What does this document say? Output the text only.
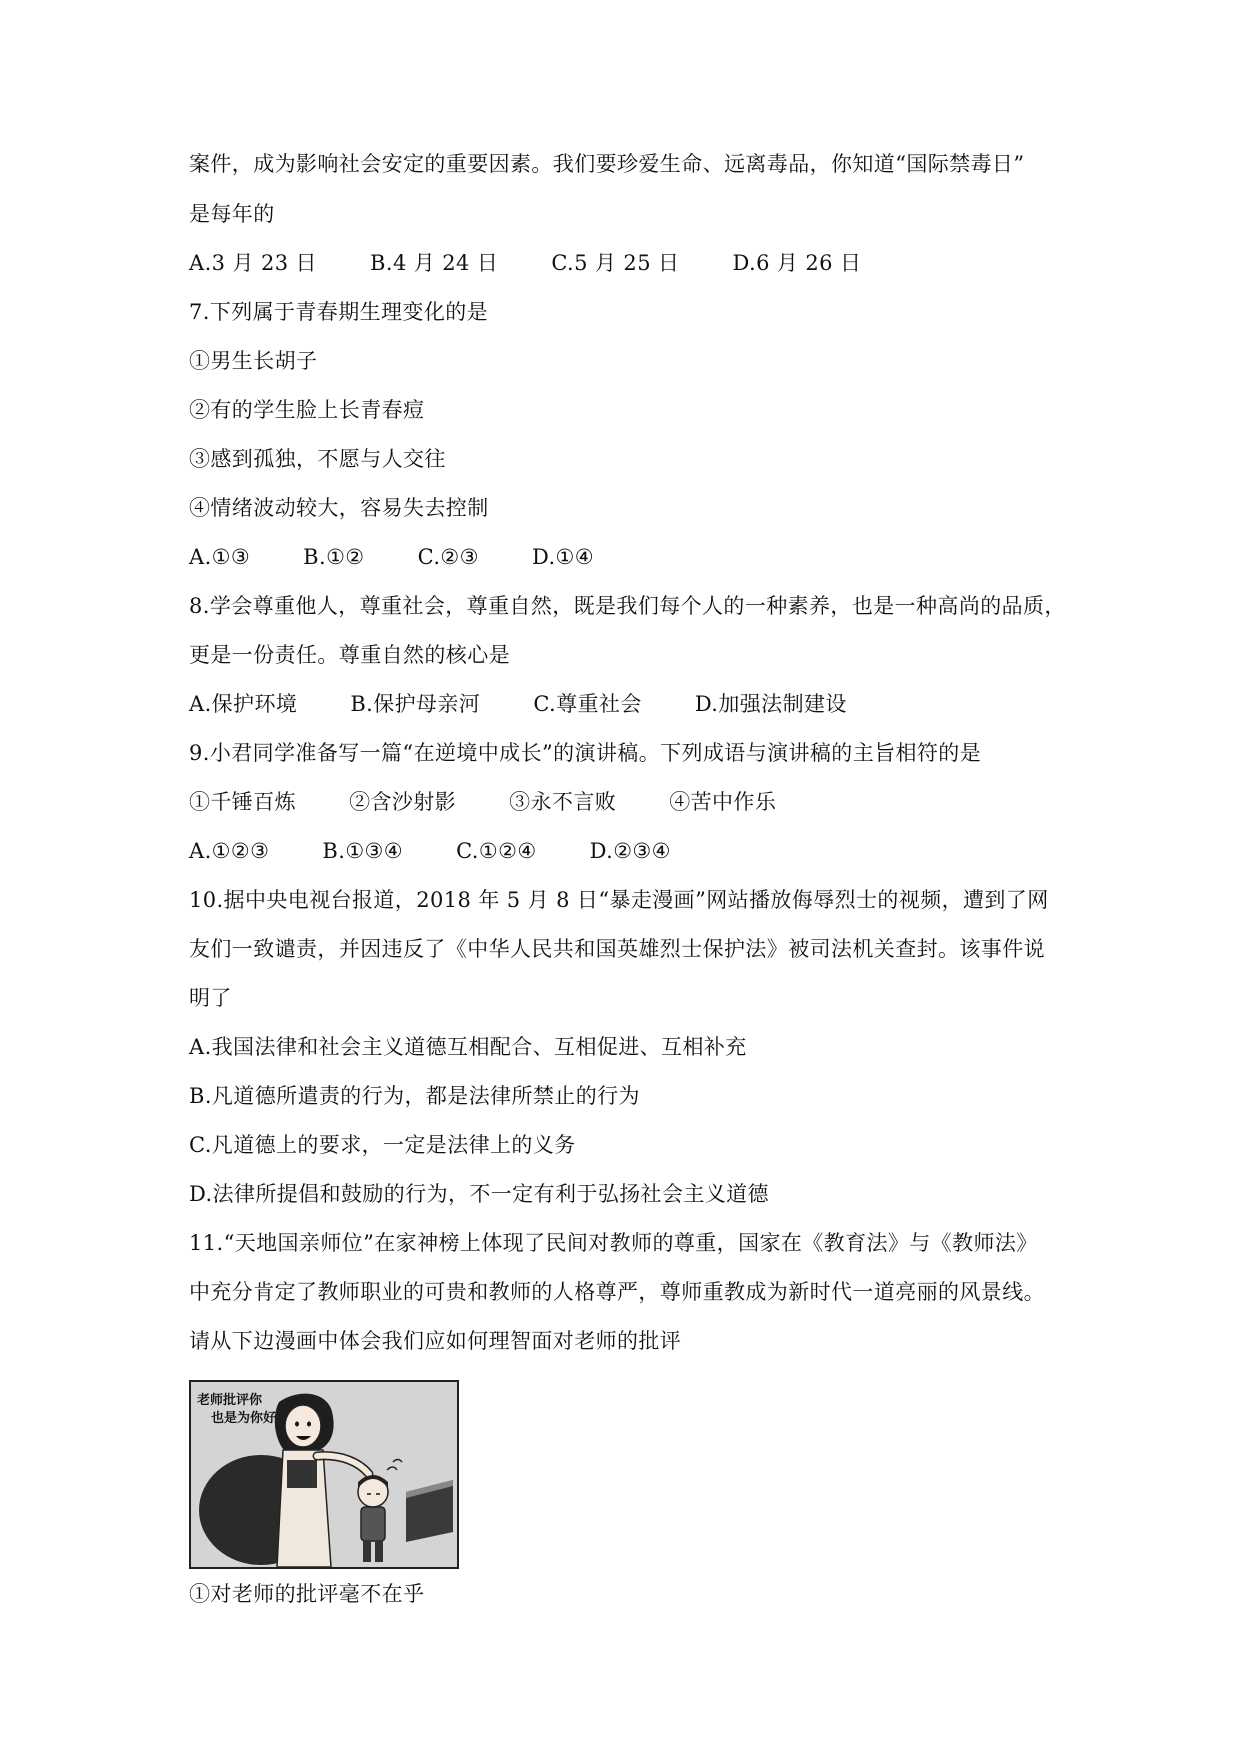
案件，成为影响社会安定的重要因素。我们要珍爱生命、远离毒品，你知道“国际禁毒日”
是每年的
A.3 月 23 日	B.4 月 24 日	C.5 月 25 日	D.6 月 26 日
7.下列属于青春期生理变化的是
①男生长胡子
②有的学生脸上长青春痘
③感到孤独，不愿与人交往
④情绪波动较大，容易失去控制
A.①③	B.①②	C.②③	D.①④
8.学会尊重他人，尊重社会，尊重自然，既是我们每个人的一种素养，也是一种高尚的品质，
更是一份责任。尊重自然的核心是
A.保护环境	B.保护母亲河	C.尊重社会	D.加强法制建设
9.小君同学准备写一篇“在逆境中成长”的演讲稿。下列成语与演讲稿的主旨相符的是
①千锤百炼	②含沙射影	③永不言败	④苦中作乐
A.①②③	B.①③④	C.①②④	D.②③④
10.据中央电视台报道，2018 年 5 月 8 日“暴走漫画”网站播放侮辱烈士的视频，遭到了网
友们一致谴责，并因违反了《中华人民共和国英雄烈士保护法》被司法机关查封。该事件说
明了
A.我国法律和社会主义道德互相配合、互相促进、互相补充
B.凡道德所遣责的行为，都是法律所禁止的行为
C.凡道德上的要求，一定是法律上的义务
D.法律所提倡和鼓励的行为，不一定有利于弘扬社会主义道德
11.“天地国亲师位”在家神榜上体现了民间对教师的尊重，国家在《教育法》与《教师法》
中充分肯定了教师职业的可贵和教师的人格尊严，尊师重教成为新时代一道亮丽的风景线。
请从下边漫画中体会我们应如何理智面对老师的批评
老师批评你
也是为你好
①对老师的批评毫不在乎
